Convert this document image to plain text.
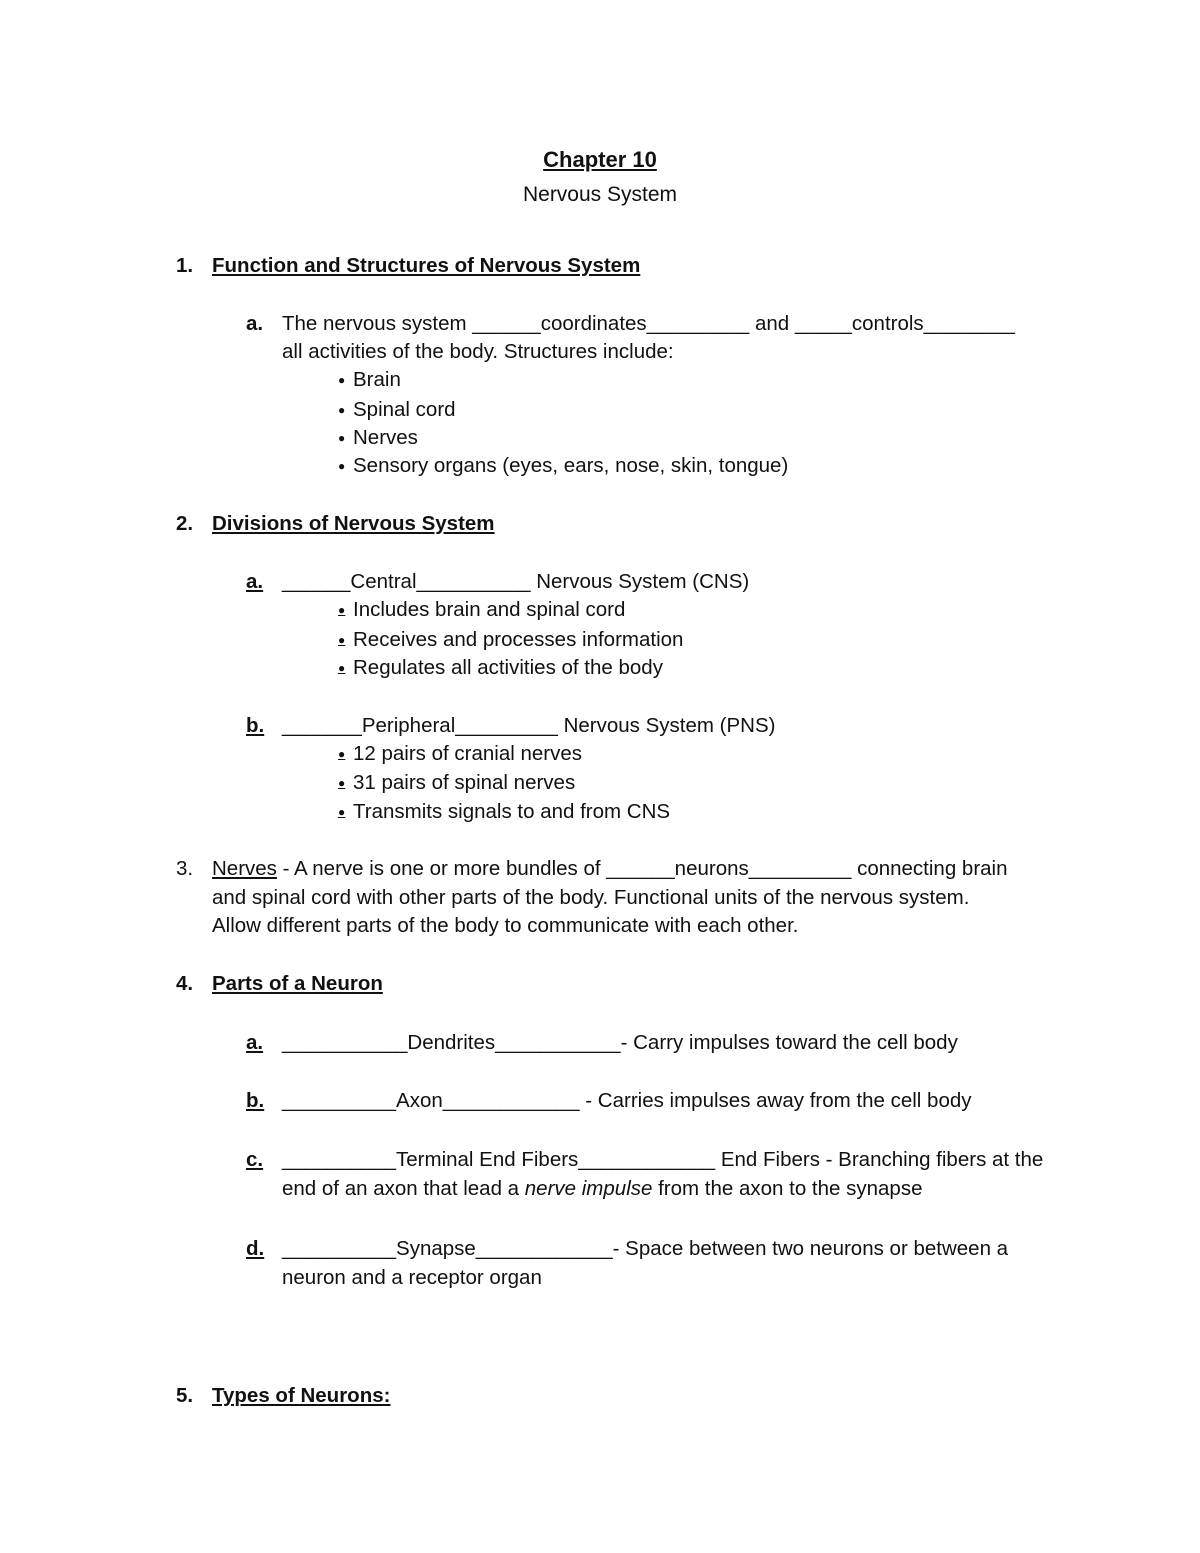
Chapter 10
Nervous System
1. Function and Structures of Nervous System
a. The nervous system ______coordinates_________ and _____controls________
all activities of the body. Structures include:
● Brain
● Spinal cord
● Nerves
● Sensory organs (eyes, ears, nose, skin, tongue)
2. Divisions of Nervous System
a. ______Central__________ Nervous System (CNS)
● Includes brain and spinal cord
● Receives and processes information
● Regulates all activities of the body
b. _______Peripheral_________ Nervous System (PNS)
● 12 pairs of cranial nerves
● 31 pairs of spinal nerves
● Transmits signals to and from CNS
3. Nerves - A nerve is one or more bundles of ______neurons_________ connecting brain
and spinal cord with other parts of the body. Functional units of the nervous system.
Allow different parts of the body to communicate with each other.
4. Parts of a Neuron
a. ___________Dendrites___________- Carry impulses toward the cell body
b. __________Axon____________ - Carries impulses away from the cell body
c. __________Terminal End Fibers____________ End Fibers - Branching fibers at the
end of an axon that lead a nerve impulse from the axon to the synapse
d. __________Synapse____________- Space between two neurons or between a
neuron and a receptor organ
5. Types of Neurons:
